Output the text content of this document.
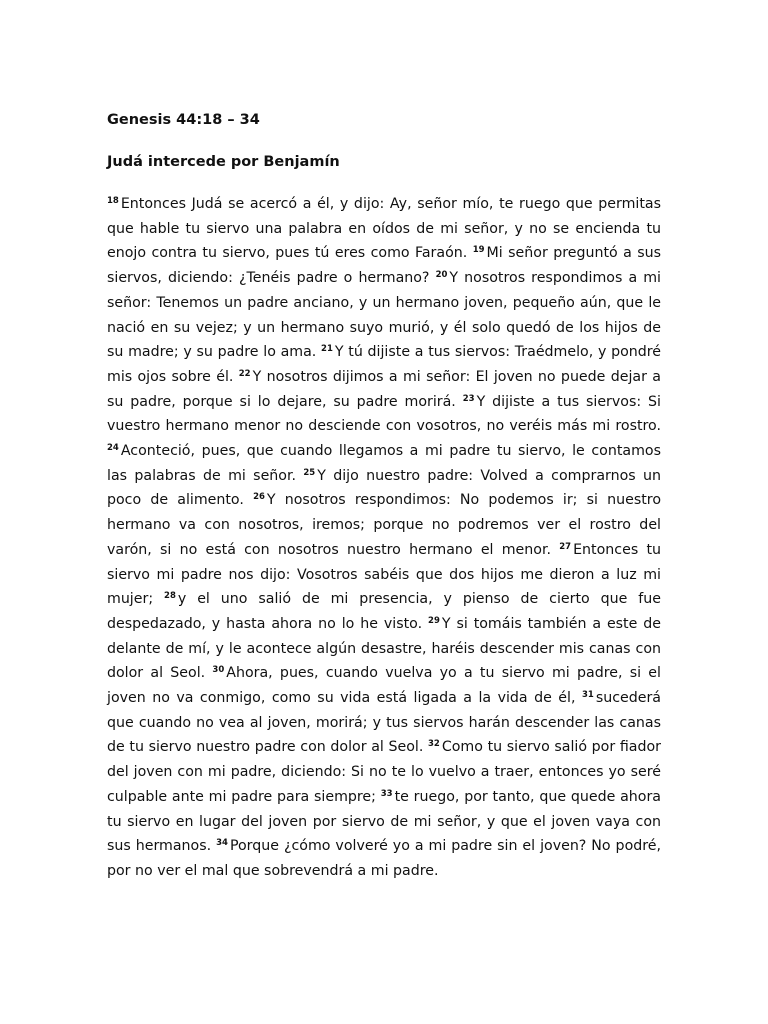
Genesis 44:18 – 34

Judá intercede por Benjamín

$^{18}$ Entonces Judá se acercó a él, y dijo: Ay, señor mío, te ruego que permitas que hable tu siervo una palabra en oídos de mi señor, y no se encienda tu enojo contra tu siervo, pues tú eres como Faraón. $^{19}$ Mi señor preguntó a sus siervos, diciendo: ¿Tenéis padre o hermano? $^{20}$ Y nosotros respondimos a mi señor: Tenemos un padre anciano, y un hermano joven, pequeño aún, que le nació en su vejez; y un hermano suyo murió, y él solo quedó de los hijos de su madre; y su padre lo ama. $^{21}$ Y tú dijiste a tus siervos: Traédmelo, y pondré mis ojos sobre él. $^{22}$ Y nosotros dijimos a mi señor: El joven no puede dejar a su padre, porque si lo dejare, su padre morirá. $^{23}$ Y dijiste a tus siervos: Si vuestro hermano menor no desciende con vosotros, no veréis más mi rostro. $^{24}$ Aconteció, pues, que cuando llegamos a mi padre tu siervo, le contamos las palabras de mi señor. $^{25}$ Y dijo nuestro padre: Volved a comprarnos un poco de alimento. $^{26}$ Y nosotros respondimos: No podemos ir; si nuestro hermano va con nosotros, iremos; porque no podremos ver el rostro del varón, si no está con nosotros nuestro hermano el menor. $^{27}$ Entonces tu siervo mi padre nos dijo: Vosotros sabéis que dos hijos me dieron a luz mi mujer; $^{28}$ y el uno salió de mi presencia, y pienso de cierto que fue despedazado, y hasta ahora no lo he visto. $^{29}$ Y si tomáis también a este de delante de mí, y le acontece algún desastre, haréis descender mis canas con dolor al Seol. $^{30}$ Ahora, pues, cuando vuelva yo a tu siervo mi padre, si el joven no va conmigo, como su vida está ligada a la vida de él, $^{31}$ sucederá que cuando no vea al joven, morirá; y tus siervos harán descender las canas de tu siervo nuestro padre con dolor al Seol. $^{32}$ Como tu siervo salió por fiador del joven con mi padre, diciendo: Si no te lo vuelvo a traer, entonces yo seré culpable ante mi padre para siempre; $^{33}$ te ruego, por tanto, que quede ahora tu siervo en lugar del joven por siervo de mi señor, y que el joven vaya con sus hermanos. $^{34}$ Porque ¿cómo volveré yo a mi padre sin el joven? No podré, por no ver el mal que sobrevendrá a mi padre.
